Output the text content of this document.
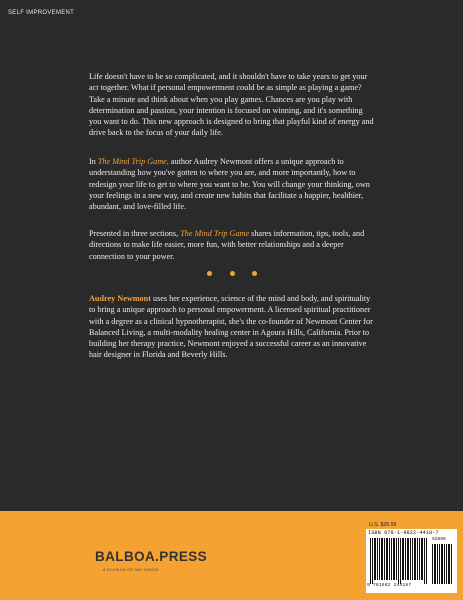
SELF IMPROVEMENT

Life doesn't have to be so complicated, and it shouldn't have to take years to get your act together. What if personal empowerment could be as simple as playing a game? Take a minute and think about when you play games. Chances are you play with determination and passion, your intention is focused on winning, and it's something you want to do. This new approach is designed to bring that playful kind of energy and drive back to the focus of your daily life.

In The Mind Trip Game, author Audrey Newmont offers a unique approach to understanding how you've gotten to where you are, and more importantly, how to redesign your life to get to where you want to be. You will change your thinking, own your feelings in a new way, and create new habits that facilitate a happier, healthier, abundant, and love-filled life.

Presented in three sections, The Mind Trip Game shares information, tips, tools, and directions to make life easier, more fun, with better relationships and a deeper connection to your power.

Audrey Newmont uses her experience, science of the mind and body, and spirituality to bring a unique approach to personal empowerment. A licensed spiritual practitioner with a degree as a clinical hypnotherapist, she's the co-founder of Newmont Center for Balanced Living, a multi-modality healing center in Agoura Hills, California. Prior to building her therapy practice, Newmont enjoyed a successful career as an innovative hair designer in Florida and Beverly Hills.

BALBOA.PRESS
A DIVISION OF HAY HOUSE
U.S. $26.99
ISBN 978-1-9822-4418-7
52699
9 781982 244187
